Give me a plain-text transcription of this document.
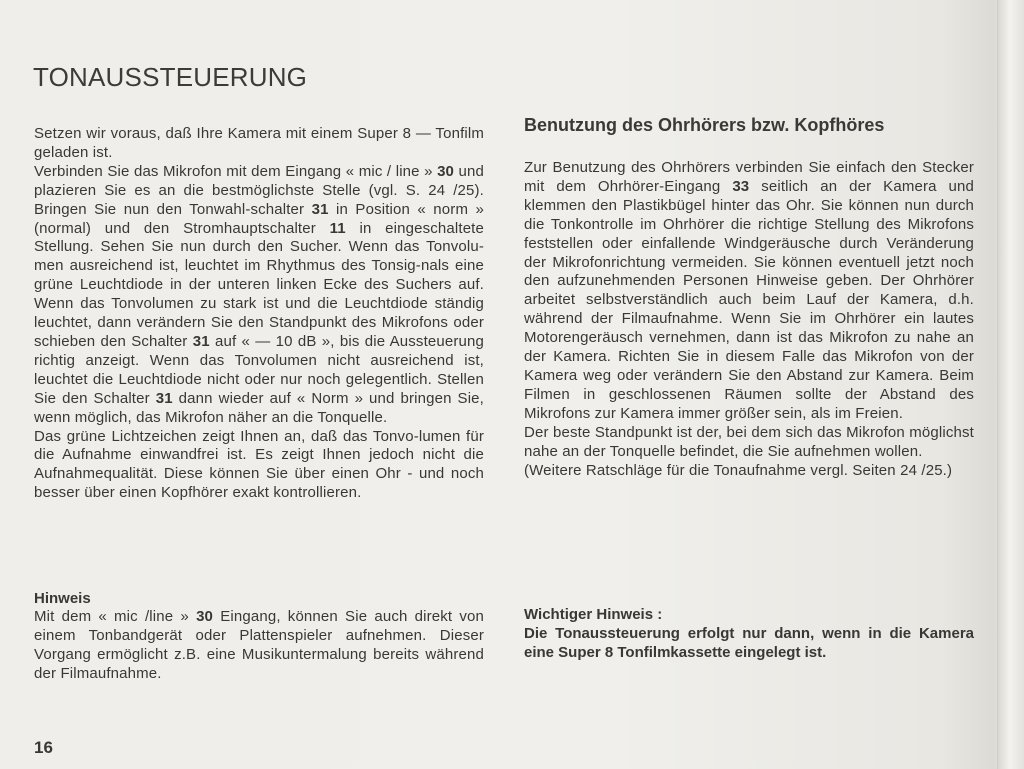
TONAUSSTEUERUNG

Setzen wir voraus, daß Ihre Kamera mit einem Super 8 — Tonfilm geladen ist.

Verbinden Sie das Mikrofon mit dem Eingang « mic / line » 30 und plazieren Sie es an die bestmöglichste Stelle (vgl. S. 24 /25). Bringen Sie nun den Tonwahl-schalter 31 in Position « norm » (normal) und den Stromhauptschalter 11 in eingeschaltete Stellung. Sehen Sie nun durch den Sucher. Wenn das Tonvolu-men ausreichend ist, leuchtet im Rhythmus des Tonsig-nals eine grüne Leuchtdiode in der unteren linken Ecke des Suchers auf. Wenn das Tonvolumen zu stark ist und die Leuchtdiode ständig leuchtet, dann verändern Sie den Standpunkt des Mikrofons oder schieben den Schalter 31 auf « — 10 dB », bis die Aussteuerung richtig anzeigt. Wenn das Tonvolumen nicht ausreichend ist, leuchtet die Leuchtdiode nicht oder nur noch gelegentlich. Stellen Sie den Schalter 31 dann wieder auf « Norm » und bringen Sie, wenn möglich, das Mikrofon näher an die Tonquelle.

Das grüne Lichtzeichen zeigt Ihnen an, daß das Tonvo-lumen für die Aufnahme einwandfrei ist. Es zeigt Ihnen jedoch nicht die Aufnahmequalität. Diese können Sie über einen Ohr - und noch besser über einen Kopfhörer exakt kontrollieren.

Hinweis
Mit dem « mic /line » 30 Eingang, können Sie auch direkt von einem Tonbandgerät oder Plattenspieler aufnehmen. Dieser Vorgang ermöglicht z.B. eine Musikuntermalung bereits während der Filmaufnahme.
Benutzung des Ohrhörers bzw. Kopfhöres

Zur Benutzung des Ohrhörers verbinden Sie einfach den Stecker mit dem Ohrhörer-Eingang 33 seitlich an der Kamera und klemmen den Plastikbügel hinter das Ohr. Sie können nun durch die Tonkontrolle im Ohrhörer die richtige Stellung des Mikrofons feststellen oder einfallende Windgeräusche durch Veränderung der Mikrofonrichtung vermeiden. Sie können eventuell jetzt noch den aufzunehmenden Personen Hinweise geben. Der Ohrhörer arbeitet selbstverständlich auch beim Lauf der Kamera, d.h. während der Filmaufnahme. Wenn Sie im Ohrhörer ein lautes Motorengeräusch vernehmen, dann ist das Mikrofon zu nahe an der Kamera. Richten Sie in diesem Falle das Mikrofon von der Kamera weg oder verändern Sie den Abstand zur Kamera. Beim Filmen in geschlossenen Räumen sollte der Abstand des Mikrofons zur Kamera immer größer sein, als im Freien.

Der beste Standpunkt ist der, bei dem sich das Mikrofon möglichst nahe an der Tonquelle befindet, die Sie aufnehmen wollen.

(Weitere Ratschläge für die Tonaufnahme vergl. Seiten 24 /25.)

Wichtiger Hinweis :
Die Tonaussteuerung erfolgt nur dann, wenn in die Kamera eine Super 8 Tonfilmkassette eingelegt ist.
16
